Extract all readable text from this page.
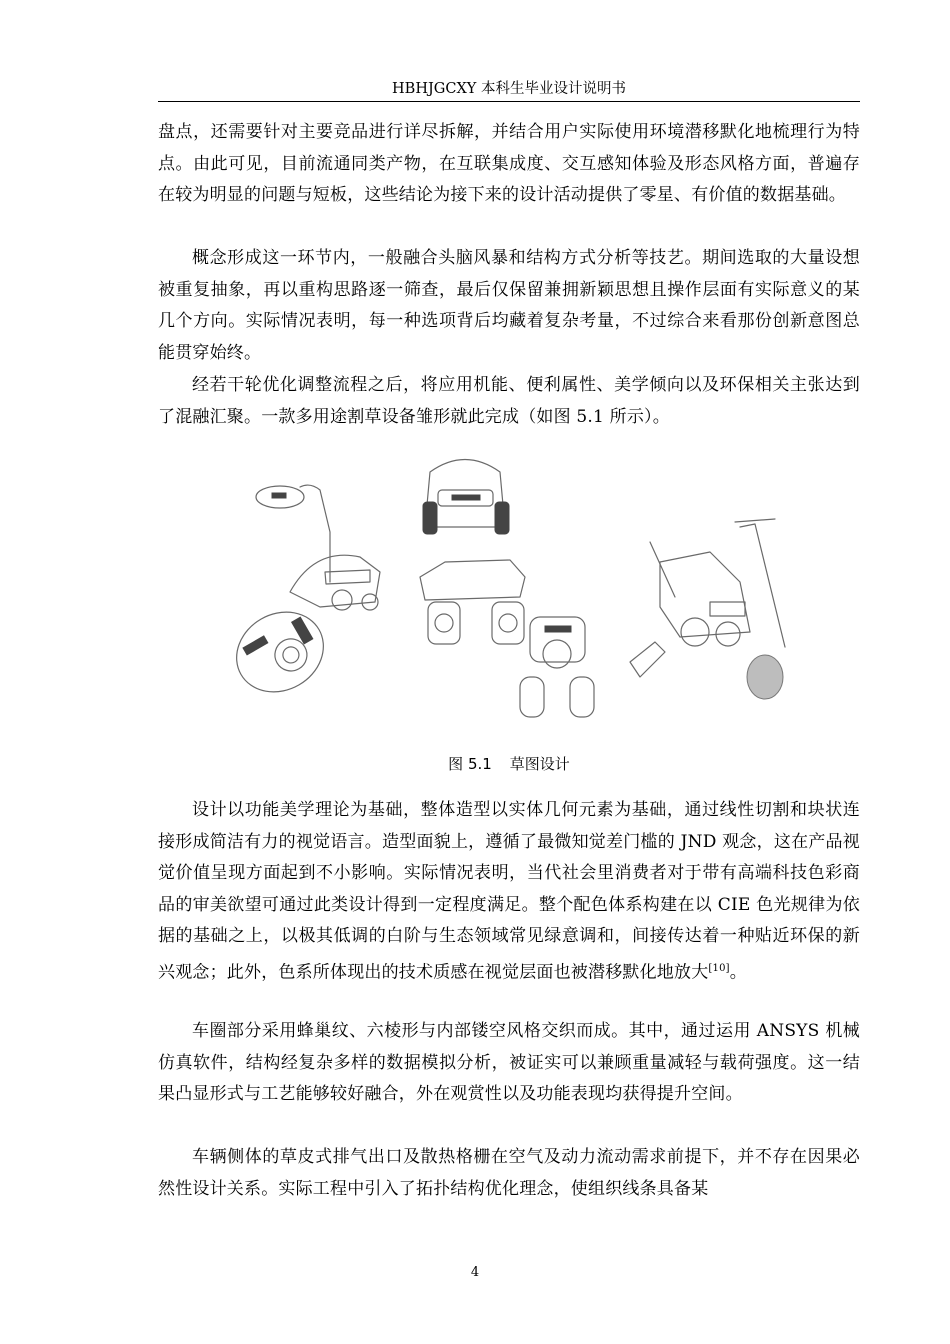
HBHJGCXY 本科生毕业设计说明书

盘点，还需要针对主要竞品进行详尽拆解，并结合用户实际使用环境潜移默化地梳理行为特点。由此可见，目前流通同类产物，在互联集成度、交互感知体验及形态风格方面，普遍存在较为明显的问题与短板，这些结论为接下来的设计活动提供了零星、有价值的数据基础。

概念形成这一环节内，一般融合头脑风暴和结构方式分析等技艺。期间选取的大量设想被重复抽象，再以重构思路逐一筛查，最后仅保留兼拥新颖思想且操作层面有实际意义的某几个方向。实际情况表明，每一种选项背后均藏着复杂考量，不过综合来看那份创新意图总能贯穿始终。

经若干轮优化调整流程之后，将应用机能、便利属性、美学倾向以及环保相关主张达到了混融汇聚。一款多用途割草设备雏形就此完成（如图 5.1 所示）。

图 5.1 草图设计

设计以功能美学理论为基础，整体造型以实体几何元素为基础，通过线性切割和块状连接形成简洁有力的视觉语言。造型面貌上，遵循了最微知觉差门槛的 JND 观念，这在产品视觉价值呈现方面起到不小影响。实际情况表明，当代社会里消费者对于带有高端科技色彩商品的审美欲望可通过此类设计得到一定程度满足。整个配色体系构建在以 CIE 色光规律为依据的基础之上，以极其低调的白阶与生态领域常见绿意调和，间接传达着一种贴近环保的新兴观念；此外，色系所体现出的技术质感在视觉层面也被潜移默化地放大[10]。

车圈部分采用蜂巢纹、六棱形与内部镂空风格交织而成。其中，通过运用 ANSYS 机械仿真软件，结构经复杂多样的数据模拟分析，被证实可以兼顾重量减轻与载荷强度。这一结果凸显形式与工艺能够较好融合，外在观赏性以及功能表现均获得提升空间。

车辆侧体的草皮式排气出口及散热格栅在空气及动力流动需求前提下，并不存在因果必然性设计关系。实际工程中引入了拓扑结构优化理念，使组织线条具备某

4
